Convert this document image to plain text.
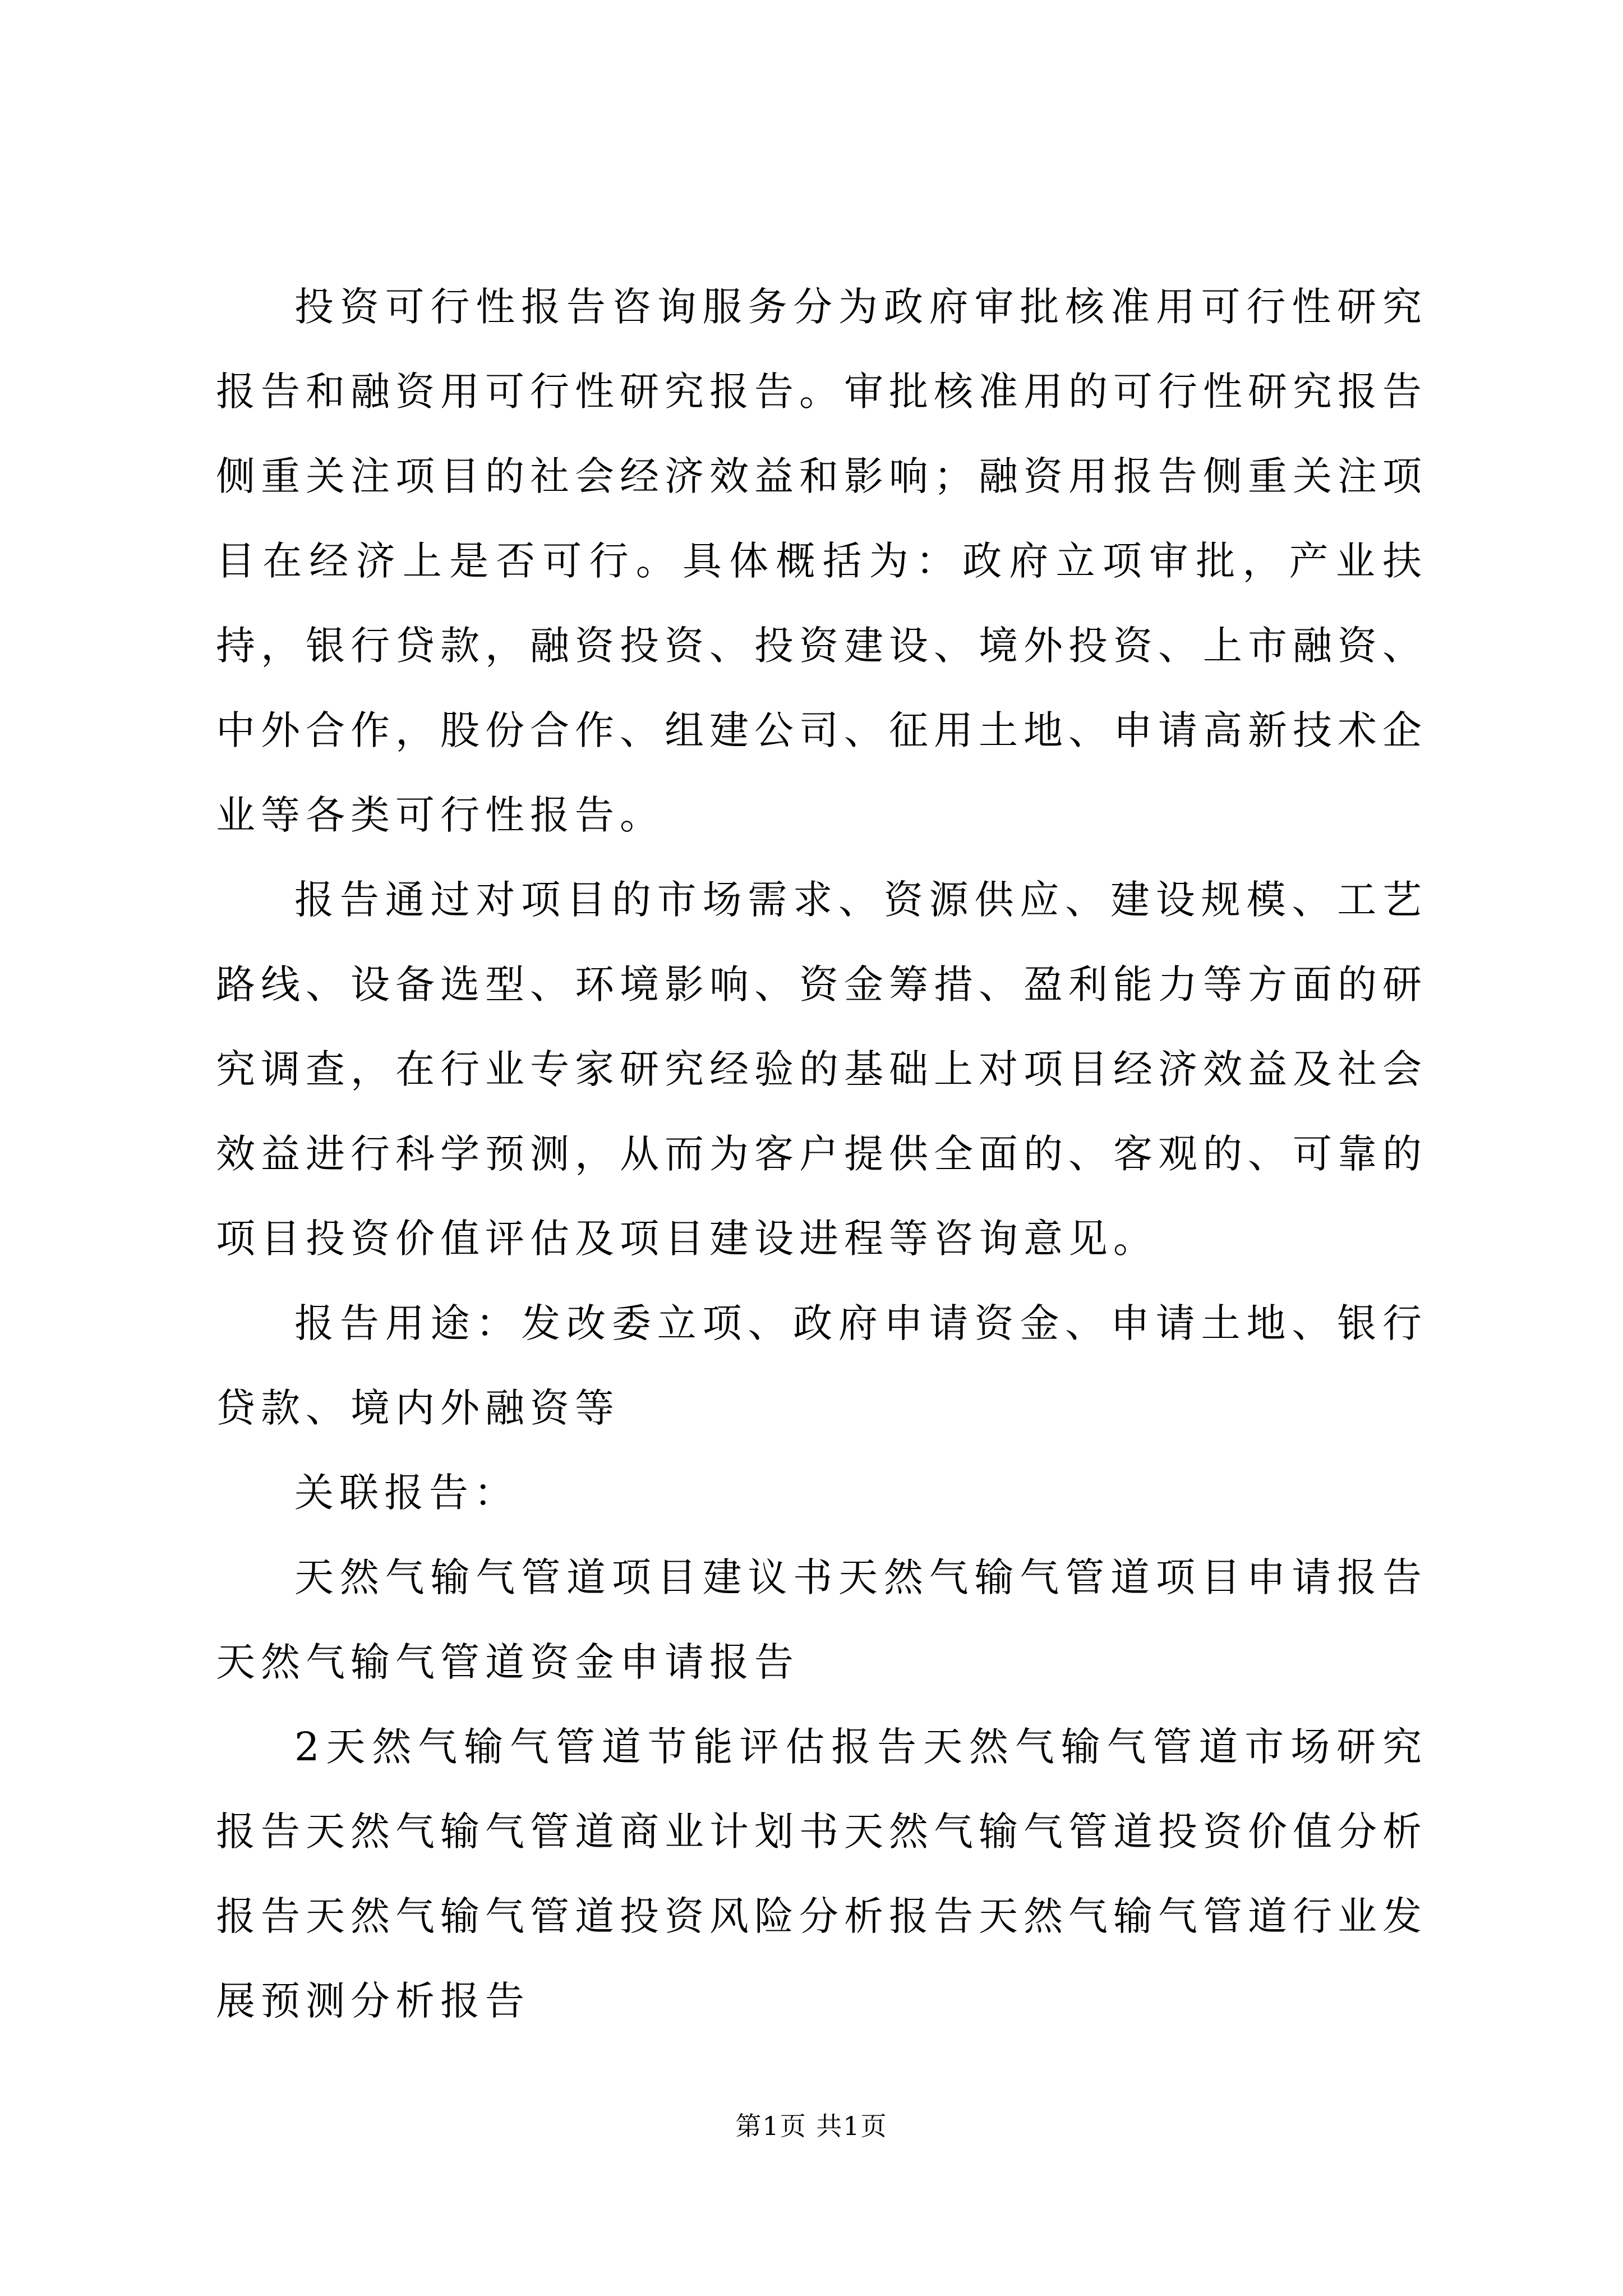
投资可行性报告咨询服务分为政府审批核准用可行性研究报告和融资用可行性研究报告。审批核准用的可行性研究报告侧重关注项目的社会经济效益和影响；融资用报告侧重关注项目在经济上是否可行。具体概括为：政府立项审批，产业扶持，银行贷款，融资投资、投资建设、境外投资、上市融资、中外合作，股份合作、组建公司、征用土地、申请高新技术企业等各类可行性报告。

报告通过对项目的市场需求、资源供应、建设规模、工艺路线、设备选型、环境影响、资金筹措、盈利能力等方面的研究调查，在行业专家研究经验的基础上对项目经济效益及社会效益进行科学预测，从而为客户提供全面的、客观的、可靠的项目投资价值评估及项目建设进程等咨询意见。

报告用途：发改委立项、政府申请资金、申请土地、银行贷款、境内外融资等

关联报告：

天然气输气管道项目建议书天然气输气管道项目申请报告天然气输气管道资金申请报告

2天然气输气管道节能评估报告天然气输气管道市场研究报告天然气输气管道商业计划书天然气输气管道投资价值分析报告天然气输气管道投资风险分析报告天然气输气管道行业发展预测分析报告

第1页 共1页
